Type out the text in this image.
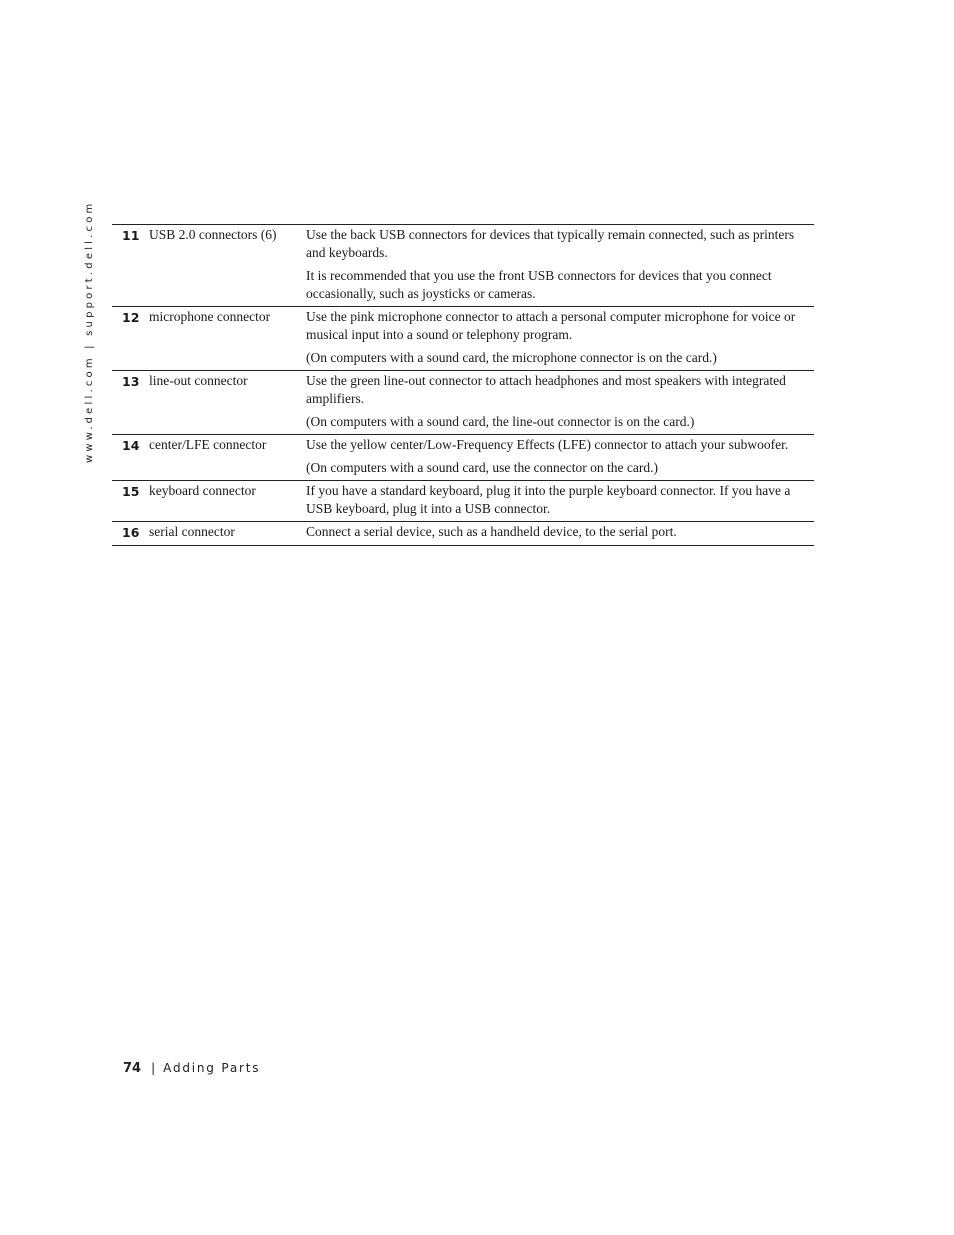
www.dell.com | support.dell.com 11	USB 2.0 connectors (6)	Use the back USB connectors for devices that typically remain connected, such as printers and keyboards.

It is recommended that you use the front USB connectors for devices that you connect occasionally, such as joysticks or cameras.

12	microphone connector	Use the pink microphone connector to attach a personal computer microphone for voice or musical input into a sound or telephony program.

(On computers with a sound card, the microphone connector is on the card.)

13	line-out connector	Use the green line-out connector to attach headphones and most speakers with integrated amplifiers.

(On computers with a sound card, the line-out connector is on the card.)

14	center/LFE connector	Use the yellow center/Low-Frequency Effects (LFE) connector to attach your subwoofer.

(On computers with a sound card, use the connector on the card.)

15	keyboard connector	If you have a standard keyboard, plug it into the purple keyboard connector. If you have a USB keyboard, plug it into a USB connector.

16	serial connector	Connect a serial device, such as a handheld device, to the serial port.

74 | Adding Parts
